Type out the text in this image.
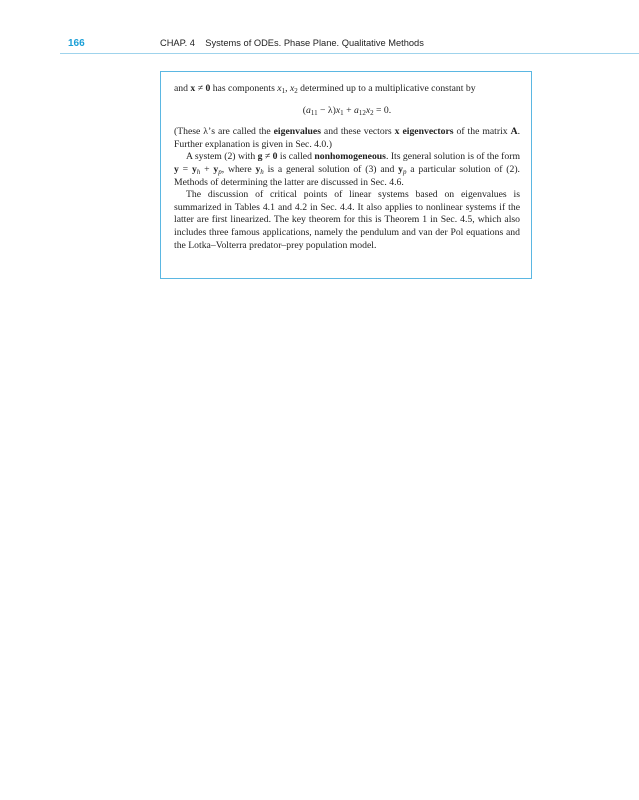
166	CHAP. 4    Systems of ODEs. Phase Plane. Qualitative Methods

and x ≠ 0 has components $x_1$, $x_2$ determined up to a multiplicative constant by

$(a_{11} - \lambda)x_1 + a_{12}x_2 = 0$.

(These λ’s are called the eigenvalues and these vectors x eigenvectors of the matrix A. Further explanation is given in Sec. 4.0.)

A system (2) with g ≠ 0 is called nonhomogeneous. Its general solution is of the form $y = y_h + y_p$, where $y_h$ is a general solution of (3) and $y_p$ a particular solution of (2). Methods of determining the latter are discussed in Sec. 4.6.

The discussion of critical points of linear systems based on eigenvalues is summarized in Tables 4.1 and 4.2 in Sec. 4.4. It also applies to nonlinear systems if the latter are first linearized. The key theorem for this is Theorem 1 in Sec. 4.5, which also includes three famous applications, namely the pendulum and van der Pol equations and the Lotka–Volterra predator–prey population model.
